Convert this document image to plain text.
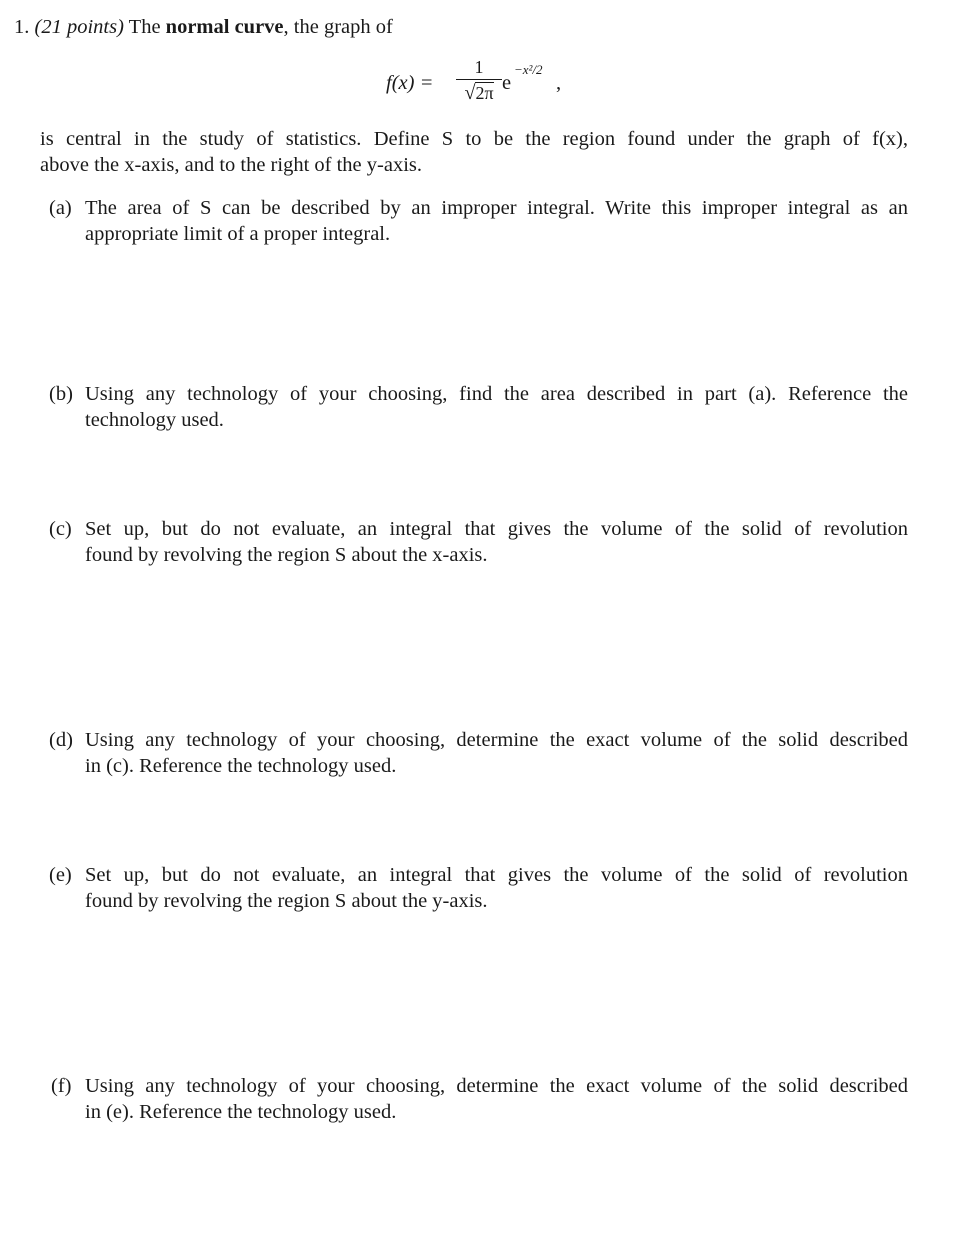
1. (21 points) The normal curve, the graph of
f(x) =
1
√2π e
−x²/2
,
is central in the study of statistics. Define S to be the region found under the graph of f(x),
above the x-axis, and to the right of the y-axis.
(a) The area of S can be described by an improper integral. Write this improper integral as an
appropriate limit of a proper integral.
(b) Using any technology of your choosing, find the area described in part (a). Reference the
technology used.
(c) Set up, but do not evaluate, an integral that gives the volume of the solid of revolution
found by revolving the region S about the x-axis.
(d) Using any technology of your choosing, determine the exact volume of the solid described
in (c). Reference the technology used.
(e) Set up, but do not evaluate, an integral that gives the volume of the solid of revolution
found by revolving the region S about the y-axis.
(f) Using any technology of your choosing, determine the exact volume of the solid described
in (e). Reference the technology used.
